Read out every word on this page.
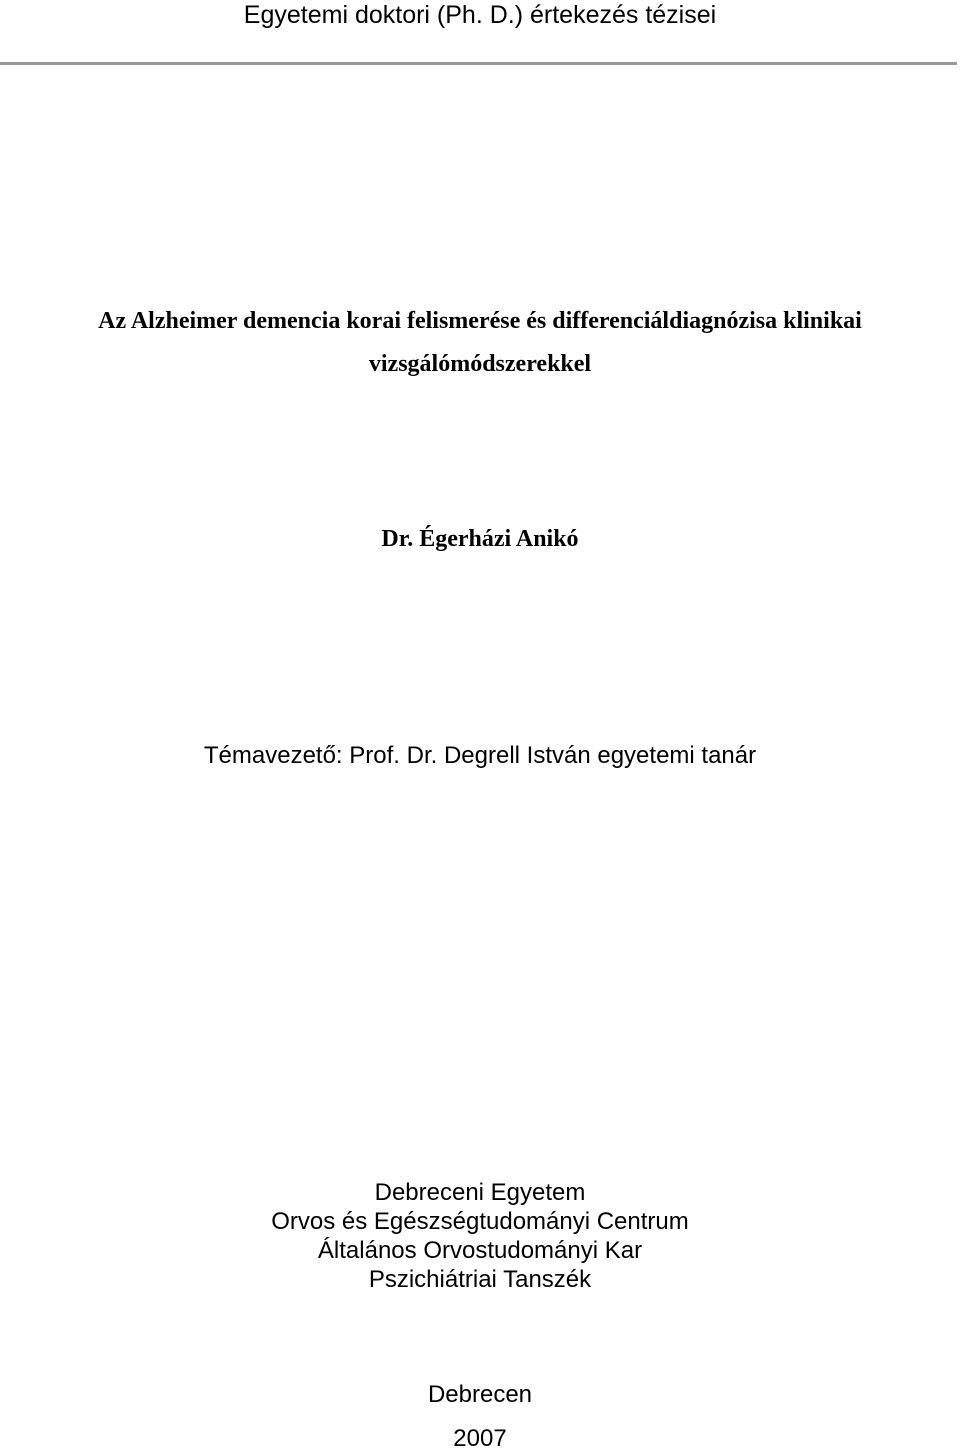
Egyetemi doktori (Ph. D.) értekezés tézisei
Az Alzheimer demencia korai felismerése és differenciáldiagnózisa klinikai
vizsgálómódszerekkel
Dr. Égerházi Anikó
Témavezető: Prof. Dr. Degrell István egyetemi tanár
Debreceni Egyetem
Orvos és Egészségtudományi Centrum
Általános Orvostudományi Kar
Pszichiátriai Tanszék
Debrecen
2007
